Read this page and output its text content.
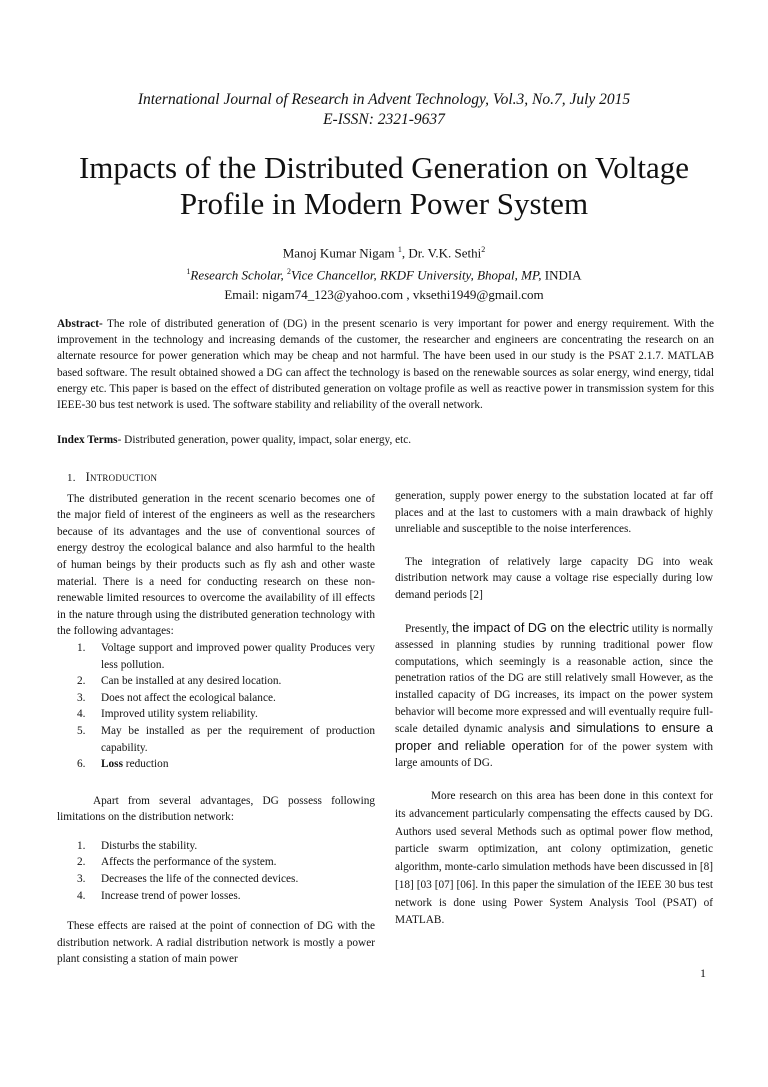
International Journal of Research in Advent Technology, Vol.3, No.7, July 2015
E-ISSN: 2321-9637
Impacts of the Distributed Generation on Voltage
Profile in Modern Power System
Manoj Kumar Nigam $^1$, Dr. V.K. Sethi$^2$
$^1$Research Scholar, $^2$Vice Chancellor, RKDF University, Bhopal, MP, INDIA
Email: nigam74_123@yahoo.com , vksethi1949@gmail.com

Abstract- The role of distributed generation of (DG) in the present scenario is very important for power and energy requirement. With the improvement in the technology and increasing demands of the customer, the researcher and engineers are concentrating the research on an alternate resource for power generation which may be cheap and not harmful. The have been used in our study is the PSAT 2.1.7. MATLAB based software. The result obtained showed a DG can affect the technology is based on the renewable sources as solar energy, wind energy, tidal energy etc. This paper is based on the effect of distributed generation on voltage profile as well as reactive power in transmission system for this IEEE-30 bus test network is used. The software stability and reliability of the overall network.

Index Terms- Distributed generation, power quality, impact, solar energy, etc.

1. INTRODUCTION

The distributed generation in the recent scenario becomes one of the major field of interest of the engineers as well as the researchers because of its advantages and the use of conventional sources of energy destroy the ecological balance and also harmful to the health of human beings by their products such as fly ash and other waste material. There is a need for conducting research on these non-renewable limited resources to overcome the availability of ill effects in the nature through using the distributed generation technology with the following advantages:

1. Voltage support and improved power quality Produces very less pollution.
2. Can be installed at any desired location.
3. Does not affect the ecological balance.
4. Improved utility system reliability.
5. May be installed as per the requirement of production capability.
6. Loss reduction

Apart from several advantages, DG possess following limitations on the distribution network:

1. Disturbs the stability.
2. Affects the performance of the system.
3. Decreases the life of the connected devices.
4. Increase trend of power losses.

These effects are raised at the point of connection of DG with the distribution network. A radial distribution network is mostly a power plant consisting a station of main power

generation, supply power energy to the substation located at far off places and at the last to customers with a main drawback of highly unreliable and susceptible to the noise interferences.

The integration of relatively large capacity DG into weak distribution network may cause a voltage rise especially during low demand periods [2]

Presently, the impact of DG on the electric utility is normally assessed in planning studies by running traditional power flow computations, which seemingly is a reasonable action, since the penetration ratios of the DG are still relatively small However, as the installed capacity of DG increases, its impact on the power system behavior will become more expressed and will eventually require full-scale detailed dynamic analysis and simulations to ensure a proper and reliable operation for of the power system with large amounts of DG.

More research on this area has been done in this context for its advancement particularly compensating the effects caused by DG. Authors used several Methods such as optimal power flow method, particle swarm optimization, ant colony optimization, genetic algorithm, monte-carlo simulation methods have been discussed in [8] [18] [03 [07] [06]. In this paper the simulation of the IEEE 30 bus test network is done using Power System Analysis Tool (PSAT) of MATLAB.

1
